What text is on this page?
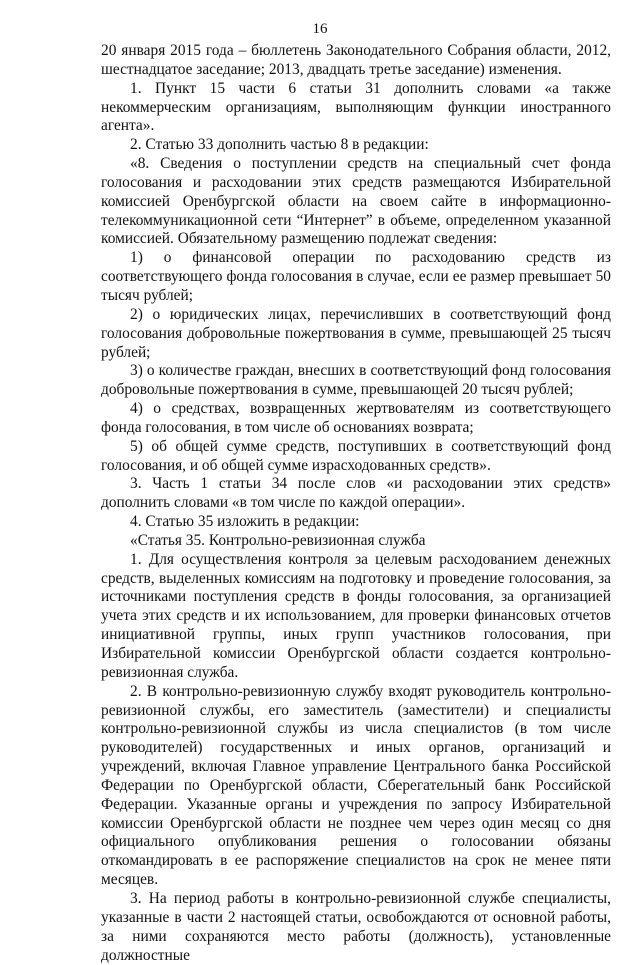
16

20 января 2015 года – бюллетень Законодательного Собрания области, 2012, шестнадцатое заседание; 2013, двадцать третье заседание) изменения.

1. Пункт 15 части 6 статьи 31 дополнить словами «а также некоммерческим организациям, выполняющим функции иностранного агента».

2. Статью 33 дополнить частью 8 в редакции:

«8. Сведения о поступлении средств на специальный счет фонда голосования и расходовании этих средств размещаются Избирательной комиссией Оренбургской области на своем сайте в информационно-телекоммуникационной сети “Интернет” в объеме, определенном указанной комиссией. Обязательному размещению подлежат сведения:

1) о финансовой операции по расходованию средств из соответствующего фонда голосования в случае, если ее размер превышает 50 тысяч рублей;

2) о юридических лицах, перечисливших в соответствующий фонд голосования добровольные пожертвования в сумме, превышающей 25 тысяч рублей;

3) о количестве граждан, внесших в соответствующий фонд голосования добровольные пожертвования в сумме, превышающей 20 тысяч рублей;

4) о средствах, возвращенных жертвователям из соответствующего фонда голосования, в том числе об основаниях возврата;

5) об общей сумме средств, поступивших в соответствующий фонд голосования, и об общей сумме израсходованных средств».

3. Часть 1 статьи 34 после слов «и расходовании этих средств» дополнить словами «в том числе по каждой операции».

4. Статью 35 изложить в редакции:

«Статья 35. Контрольно-ревизионная служба

1. Для осуществления контроля за целевым расходованием денежных средств, выделенных комиссиям на подготовку и проведение голосования, за источниками поступления средств в фонды голосования, за организацией учета этих средств и их использованием, для проверки финансовых отчетов инициативной группы, иных групп участников голосования, при Избирательной комиссии Оренбургской области создается контрольно-ревизионная служба.

2. В контрольно-ревизионную службу входят руководитель контрольно-ревизионной службы, его заместитель (заместители) и специалисты контрольно-ревизионной службы из числа специалистов (в том числе руководителей) государственных и иных органов, организаций и учреждений, включая Главное управление Центрального банка Российской Федерации по Оренбургской области, Сберегательный банк Российской Федерации. Указанные органы и учреждения по запросу Избирательной комиссии Оренбургской области не позднее чем через один месяц со дня официального опубликования решения о голосовании обязаны откомандировать в ее распоряжение специалистов на срок не менее пяти месяцев.

3. На период работы в контрольно-ревизионной службе специалисты, указанные в части 2 настоящей статьи, освобождаются от основной работы, за ними сохраняются место работы (должность), установленные должностные
